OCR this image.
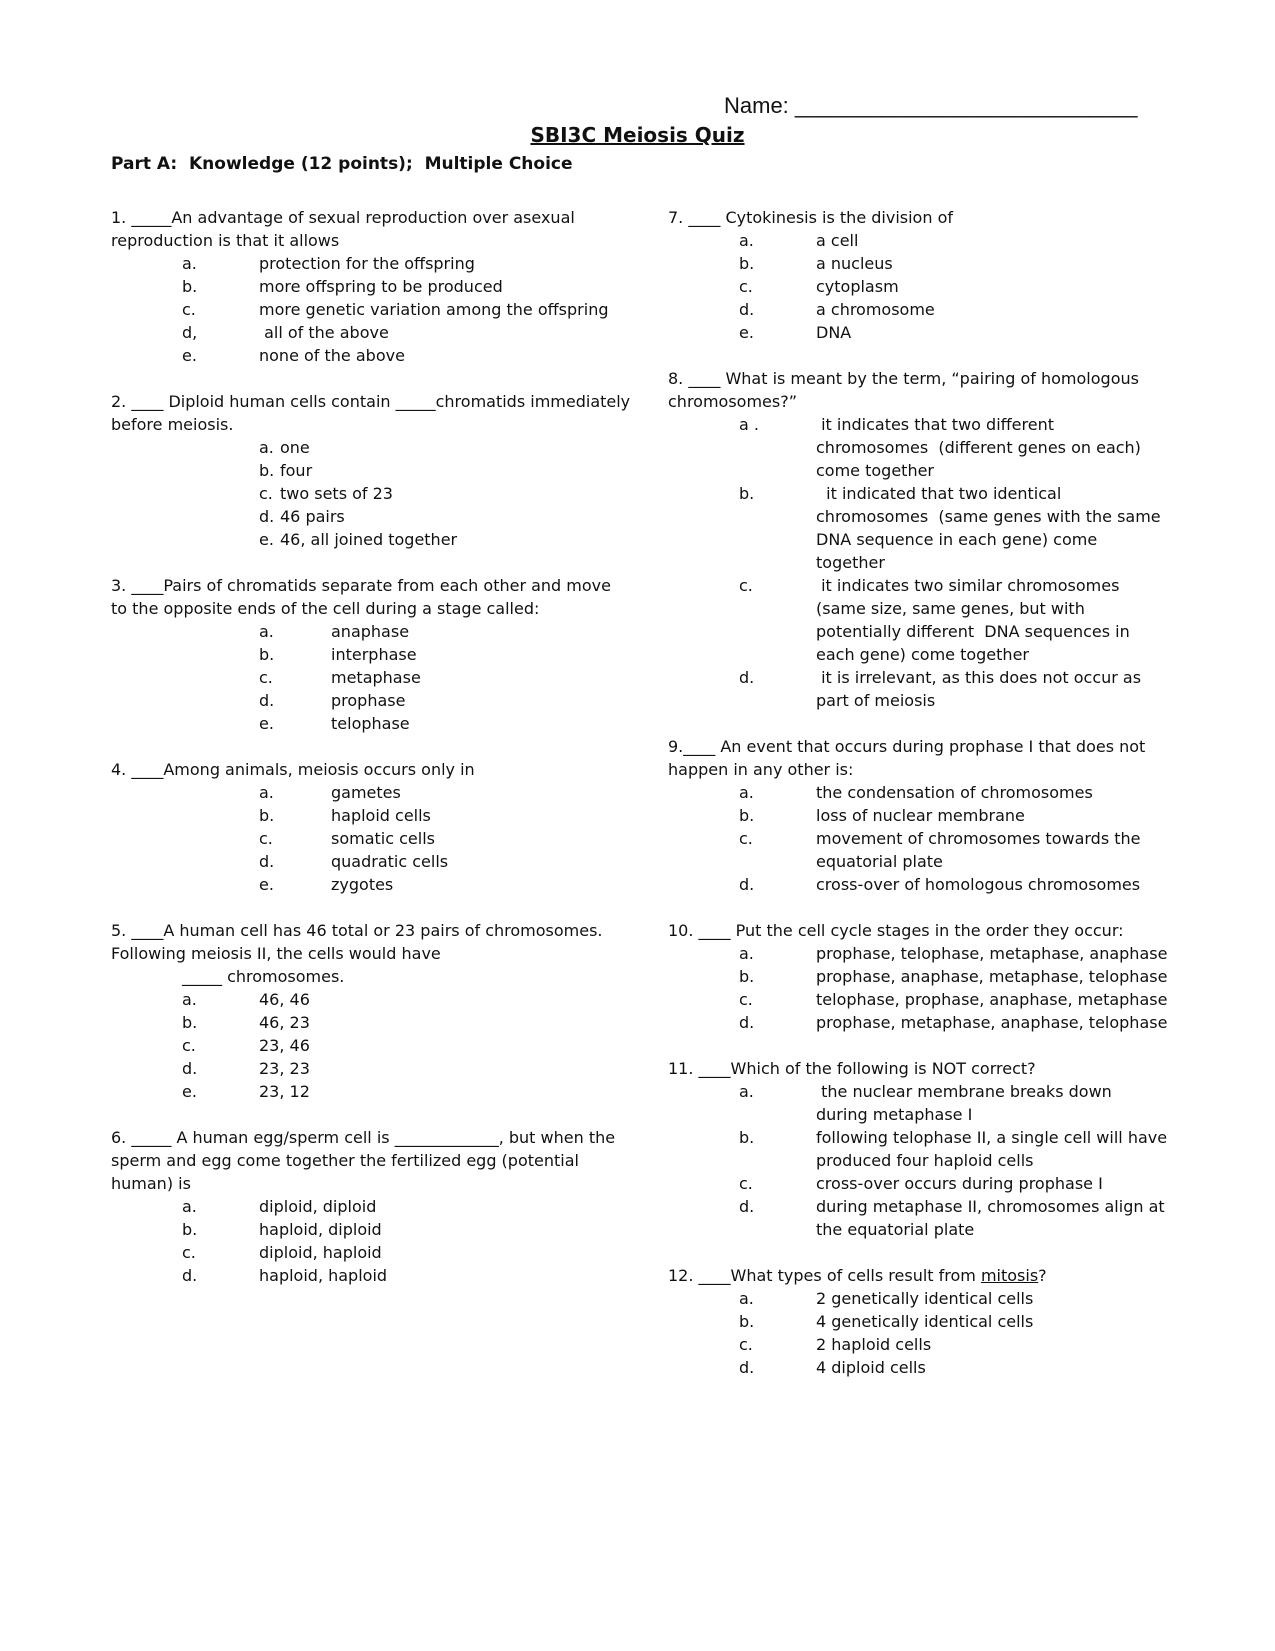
Name: ____________________________
SBI3C Meiosis Quiz
Part A:  Knowledge (12 points);  Multiple Choice
1. _____An advantage of sexual reproduction over asexual reproduction is that it allows
a.	protection for the offspring
b.	more offspring to be produced
c.	more genetic variation among the offspring
d,	all of the above
e.	none of the above
2. ____ Diploid human cells contain _____chromatids immediately before meiosis.
a. one
b. four
c. two sets of 23
d. 46 pairs
e. 46, all joined together
3. ____Pairs of chromatids separate from each other and move to the opposite ends of the cell during a stage called:
a.	anaphase
b.	interphase
c.	metaphase
d.	prophase
e.	telophase
4. ____Among animals, meiosis occurs only in
a.	gametes
b.	haploid cells
c.	somatic cells
d.	quadratic cells
e.	zygotes
5. ____A human cell has 46 total or 23 pairs of chromosomes. Following meiosis II, the cells would have
_____ chromosomes.
a.	46, 46
b.	46, 23
c.	23, 46
d.	23, 23
e.	23, 12
6. _____ A human egg/sperm cell is _____________, but when the sperm and egg come together the fertilized egg (potential human) is
a.	diploid, diploid
b.	haploid, diploid
c.	diploid, haploid
d.	haploid, haploid
7. ____ Cytokinesis is the division of
a.	a cell
b.	a nucleus
c.	cytoplasm
d.	a chromosome
e.	DNA
8. ____ What is meant by the term, “pairing of homologous chromosomes?”
a .	it indicates that two different chromosomes  (different genes on each) come together
b.	it indicated that two identical chromosomes  (same genes with the same DNA sequence in each gene) come together
c.	it indicates two similar chromosomes (same size, same genes, but with potentially different  DNA sequences in each gene) come together
d.	it is irrelevant, as this does not occur as part of meiosis
9.____ An event that occurs during prophase I that does not happen in any other is:
a.	the condensation of chromosomes
b.	loss of nuclear membrane
c.	movement of chromosomes towards the equatorial plate
d.	cross-over of homologous chromosomes
10. ____ Put the cell cycle stages in the order they occur:
a.	prophase, telophase, metaphase, anaphase
b.	prophase, anaphase, metaphase, telophase
c.	telophase, prophase, anaphase, metaphase
d.	prophase, metaphase, anaphase, telophase
11. ____Which of the following is NOT correct?
a.	the nuclear membrane breaks down during metaphase I
b.	following telophase II, a single cell will have produced four haploid cells
c.	cross-over occurs during prophase I
d.	during metaphase II, chromosomes align at the equatorial plate
12. ____What types of cells result from mitosis?
a.	2 genetically identical cells
b.	4 genetically identical cells
c.	2 haploid cells
d.	4 diploid cells
